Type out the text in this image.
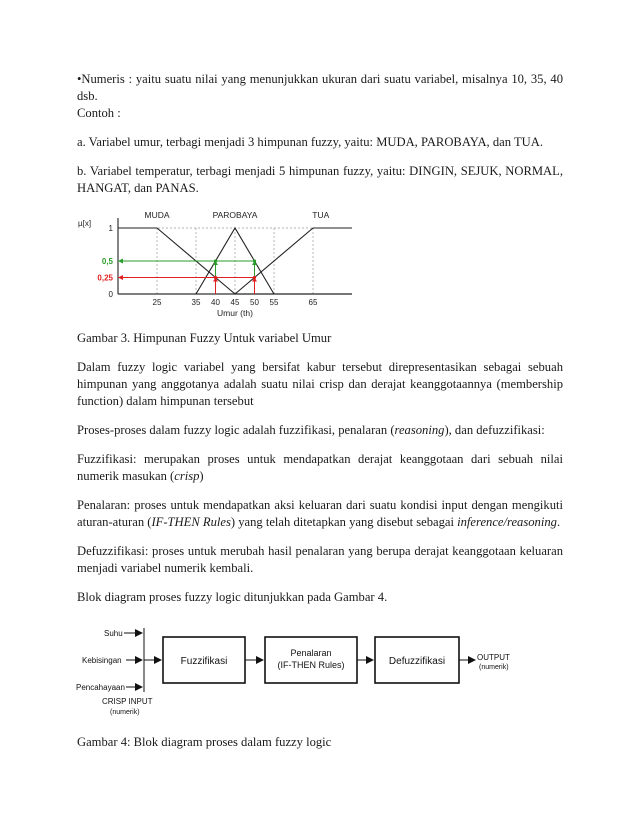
•Numeris : yaitu suatu nilai yang menunjukkan ukuran dari suatu variabel, misalnya 10, 35, 40
dsb.

Contoh :

a. Variabel umur, terbagi menjadi 3 himpunan fuzzy, yaitu: MUDA, PAROBAYA, dan TUA.

b. Variabel temperatur, terbagi menjadi 5 himpunan fuzzy, yaitu: DINGIN, SEJUK, NORMAL,
HANGAT, dan PANAS.

MUDA	PAROBAYA	TUA
1
0,5
0,25
0
µ[x]
25	35 40 45 50 55	65
Umur (th)

Gambar 3. Himpunan Fuzzy Untuk variabel Umur

Dalam fuzzy logic variabel yang bersifat kabur tersebut direpresentasikan sebagai sebuah
himpunan yang anggotanya adalah suatu nilai crisp dan derajat keanggotaannya (membership
function) dalam himpunan tersebut

Proses-proses dalam fuzzy logic adalah fuzzifikasi, penalaran (reasoning), dan defuzzifikasi:

Fuzzifikasi: merupakan proses untuk mendapatkan derajat keanggotaan dari sebuah nilai
numerik masukan (crisp)

Penalaran: proses untuk mendapatkan aksi keluaran dari suatu kondisi input dengan mengikuti
aturan-aturan (IF-THEN Rules) yang telah ditetapkan yang disebut sebagai inference/reasoning.

Defuzzifikasi: proses untuk merubah hasil penalaran yang berupa derajat keanggotaan keluaran
menjadi variabel numerik kembali.

Blok diagram proses fuzzy logic ditunjukkan pada Gambar 4.

Suhu
Kebisingan
Pencahayaan
CRISP INPUT
(numerik)
Fuzzifikasi
Penalaran
(IF-THEN Rules)	Defuzzifikasi	OUTPUT
(numerik)

Gambar 4: Blok diagram proses dalam fuzzy logic
